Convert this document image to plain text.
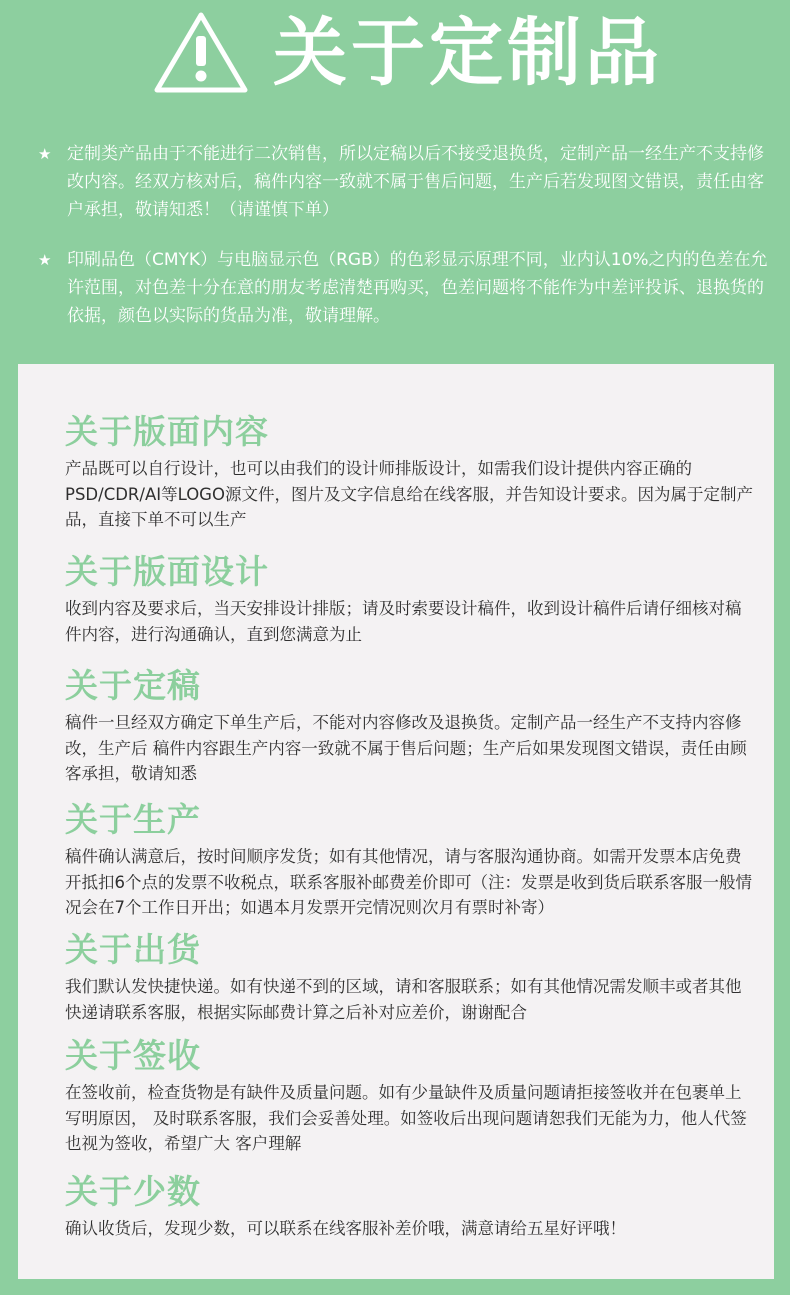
关于定制品
★ 定制类产品由于不能进行二次销售，所以定稿以后不接受退换货，定制产品一经生产不支持修改内容。经双方核对后，稿件内容一致就不属于售后问题，生产后若发现图文错误，责任由客户承担，敬请知悉！（请谨慎下单）
★ 印刷品色（CMYK）与电脑显示色（RGB）的色彩显示原理不同，业内认10%之内的色差在允许范围，对色差十分在意的朋友考虑清楚再购买，色差问题将不能作为中差评投诉、退换货的依据，颜色以实际的货品为准，敬请理解。
关于版面内容

产品既可以自行设计，也可以由我们的设计师排版设计，如需我们设计提供内容正确的PSD/CDR/AI等LOGO源文件，图片及文字信息给在线客服，并告知设计要求。因为属于定制产品，直接下单不可以生产

关于版面设计

收到内容及要求后，当天安排设计排版；请及时索要设计稿件，收到设计稿件后请仔细核对稿件内容，进行沟通确认，直到您满意为止

关于定稿

稿件一旦经双方确定下单生产后，不能对内容修改及退换货。定制产品一经生产不支持内容修改，生产后 稿件内容跟生产内容一致就不属于售后问题；生产后如果发现图文错误，责任由顾客承担，敬请知悉

关于生产

稿件确认满意后，按时间顺序发货；如有其他情况，请与客服沟通协商。如需开发票本店免费开抵扣6个点的发票不收税点，联系客服补邮费差价即可（注：发票是收到货后联系客服一般情况会在7个工作日开出；如遇本月发票开完情况则次月有票时补寄）

关于出货

我们默认发快捷快递。如有快递不到的区域，请和客服联系；如有其他情况需发顺丰或者其他快递请联系客服，根据实际邮费计算之后补对应差价，谢谢配合

关于签收

在签收前，检查货物是有缺件及质量问题。如有少量缺件及质量问题请拒接签收并在包裹单上写明原因， 及时联系客服，我们会妥善处理。如签收后出现问题请恕我们无能为力，他人代签也视为签收，希望广大 客户理解

关于少数

确认收货后，发现少数，可以联系在线客服补差价哦，满意请给五星好评哦！
